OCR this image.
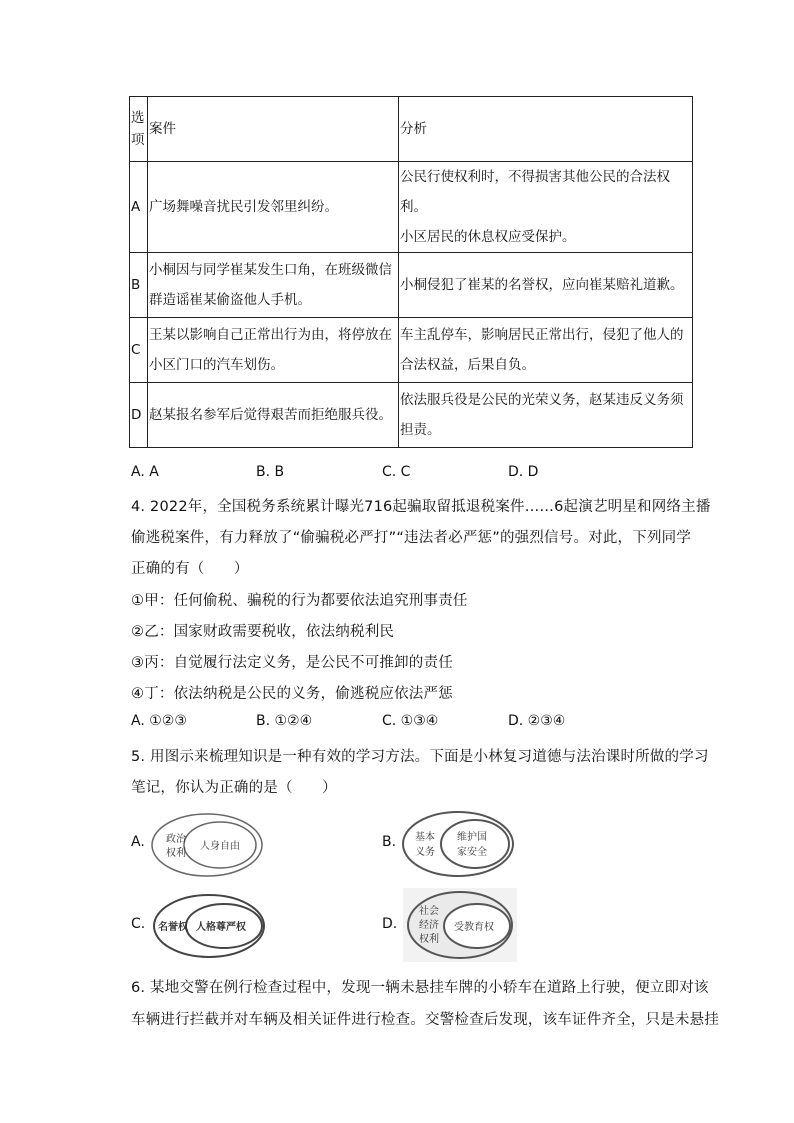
选项	案件	分析
A	广场舞噪音扰民引发邻里纠纷。	公民行使权利时，不得损害其他公民的合法权利。
小区居民的休息权应受保护。

B	小桐因与同学崔某发生口角，在班级微信
群造谣崔某偷盗他人手机。	小桐侵犯了崔某的名誉权，应向崔某赔礼道歉。

C	王某以影响自己正常出行为由，将停放在
小区门口的汽车划伤。	车主乱停车，影响居民正常出行，侵犯了他人的
合法权益，后果自负。

D	赵某报名参军后觉得艰苦而拒绝服兵役。	依法服兵役是公民的光荣义务，赵某违反义务须
担责。
A. A	B. B	C. C	D. D
4. 2022年，全国税务系统累计曝光716起骗取留抵退税案件……6起演艺明星和网络主播
偷逃税案件，有力释放了“偷骗税必严打”“违法者必严惩”的强烈信号。对此，下列同学
正确的有（　　）
①甲：任何偷税、骗税的行为都要依法追究刑事责任
②乙：国家财政需要税收，依法纳税利民
③丙：自觉履行法定义务，是公民不可推卸的责任
④丁：依法纳税是公民的义务，偷逃税应依法严惩
A. ①②③	B. ①②④	C. ①③④	D. ②③④
5. 用图示来梳理知识是一种有效的学习方法。下面是小林复习道德与法治课时所做的学习
笔记，你认为正确的是（　　）
A. 政治
权利
人身自由	B. 基本
义务
维护国
家安全
C. 名誉权 人格尊严权	D.
社会
经济
权利
受教育权
6. 某地交警在例行检查过程中，发现一辆未悬挂车牌的小轿车在道路上行驶，便立即对该
车辆进行拦截并对车辆及相关证件进行检查。交警检查后发现，该车证件齐全，只是未悬挂
